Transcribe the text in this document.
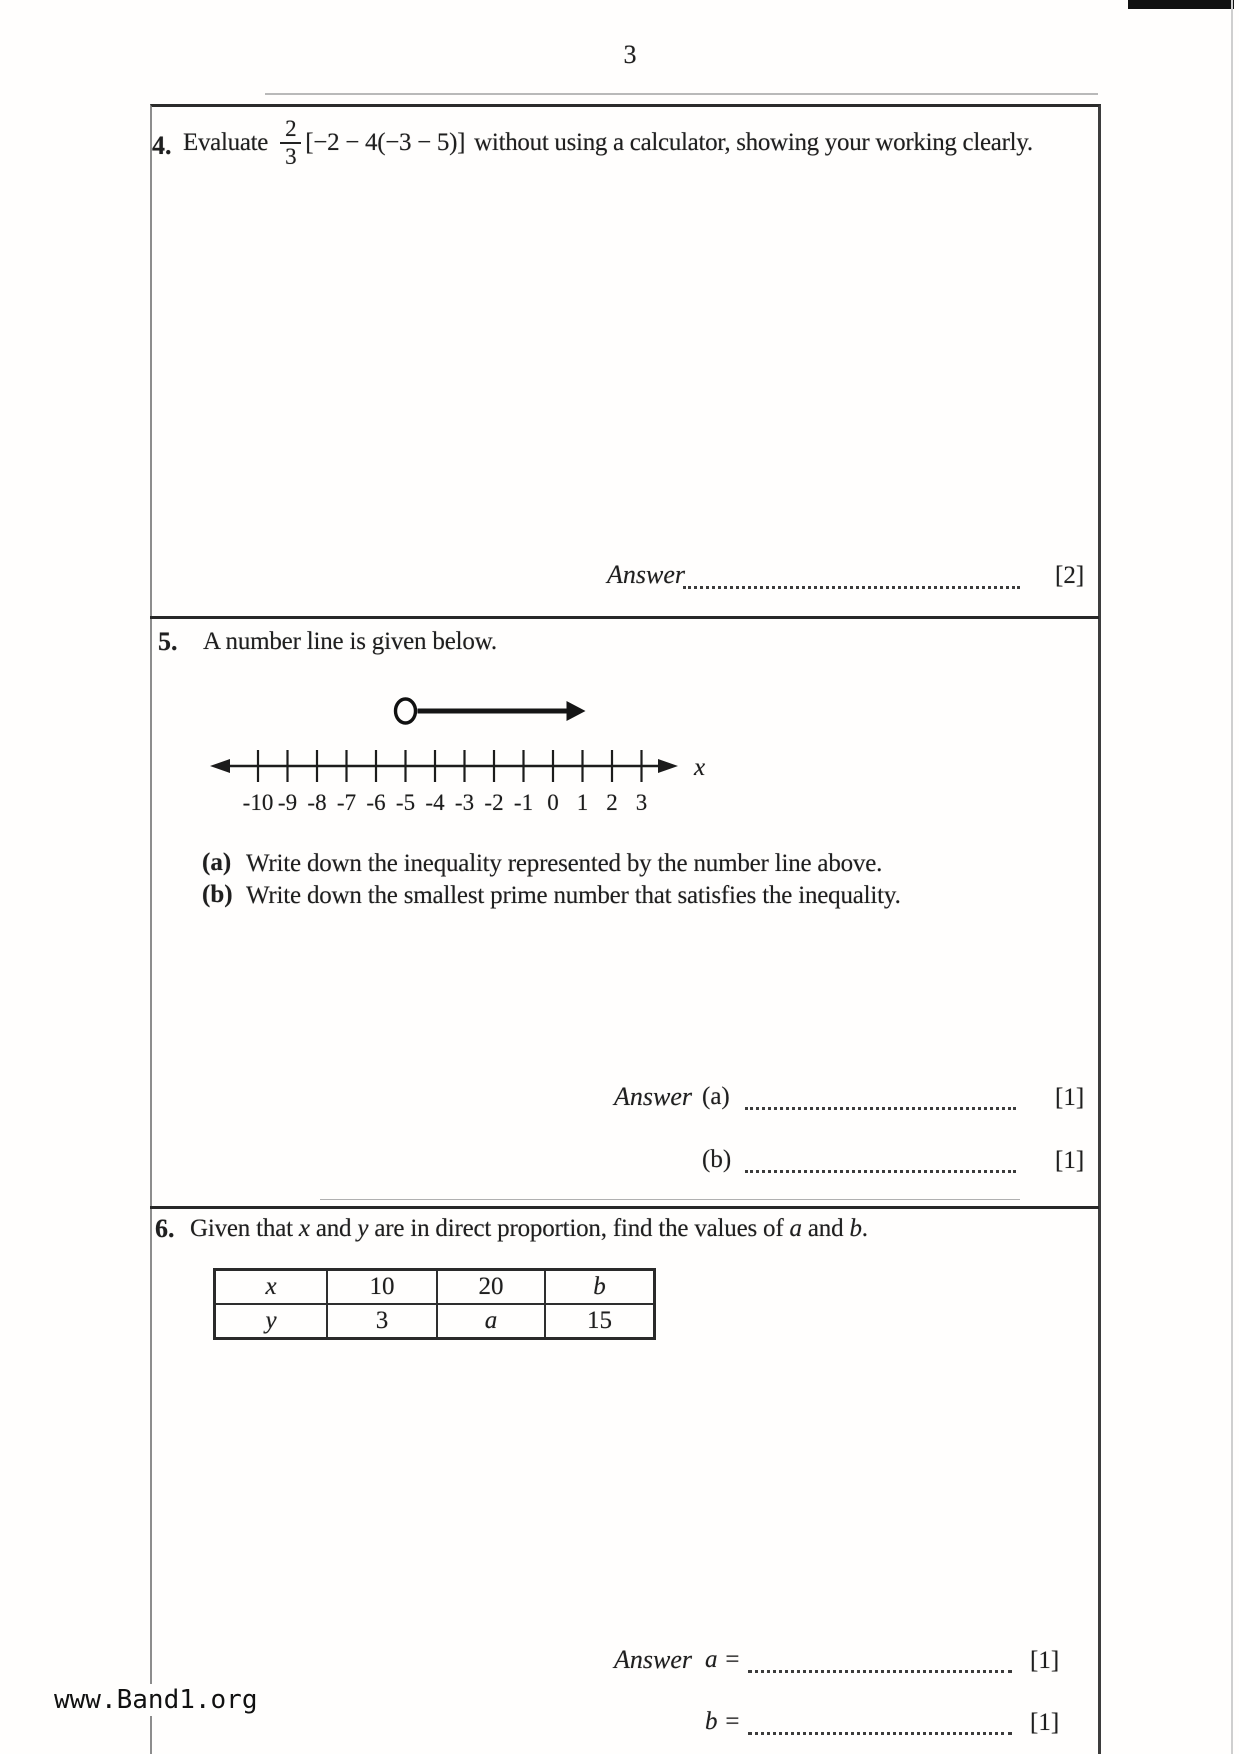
3
4. Evaluate $\frac{2}{3} [-2 - 4(-3 - 5)]$ without using a calculator, showing your working clearly.
Answer	[2]
5. A number line is given below.
-10 -9 -8 -7 -6 -5 -4 -3 -2 -1 0 1 2 3
x
(a) Write down the inequality represented by the number line above.
(b) Write down the smallest prime number that satisfies the inequality.
Answer (a)	[1]
(b)	[1]
6. Given that x and y are in direct proportion, find the values of a and b.
x	10	20	b
y	3	a	15
Answer a =	[1]
b =	[1]
www.Band1.org
